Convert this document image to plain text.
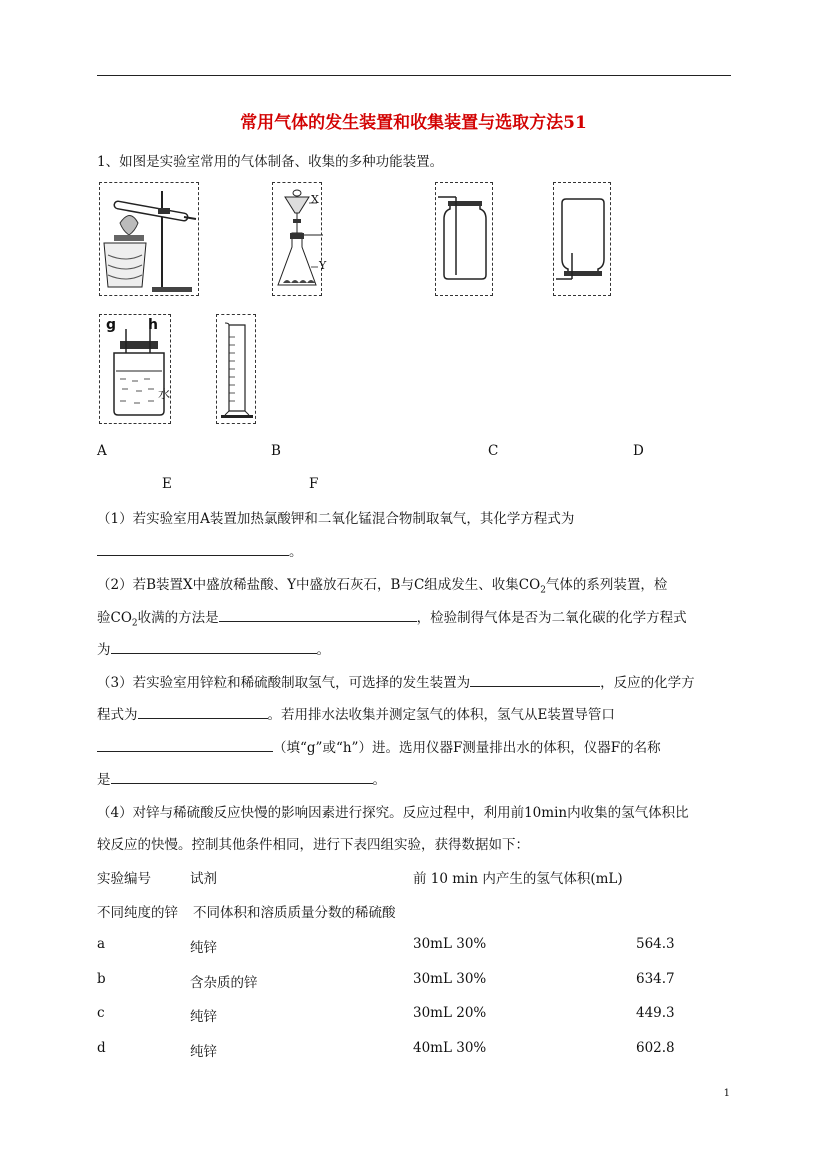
常用气体的发生装置和收集装置与选取方法51
1、如图是实验室常用的气体制备、收集的多种功能装置。
X
Y
g h
水
A	B	C	D
E	F
（1）若实验室用A装置加热氯酸钾和二氧化锰混合物制取氧气，其化学方程式为
。
（2）若B装置X中盛放稀盐酸、Y中盛放石灰石，B与C组成发生、收集$CO_2$气体的系列装置，检
验$CO_2$收满的方法是	，检验制得气体是否为二氧化碳的化学方程式
为	。
（3）若实验室用锌粒和稀硫酸制取氢气，可选择的发生装置为	，反应的化学方
程式为	。若用排水法收集并测定氢气的体积，氢气从E装置导管口
（填“g”或“h”）进。选用仪器F测量排出水的体积，仪器F的名称
是	。
（4）对锌与稀硫酸反应快慢的影响因素进行探究。反应过程中，利用前10min内收集的氢气体积比
较反应的快慢。控制其他条件相同，进行下表四组实验，获得数据如下：
实验编号	试剂	前 10 min 内产生的氢气体积(mL)
不同纯度的锌 不同体积和溶质质量分数的稀硫酸
a	纯锌	30mL 30%	564.3
b	含杂质的锌	30mL 30%	634.7
c	纯锌	30mL 20%	449.3
d	纯锌	40mL 30%	602.8
1
